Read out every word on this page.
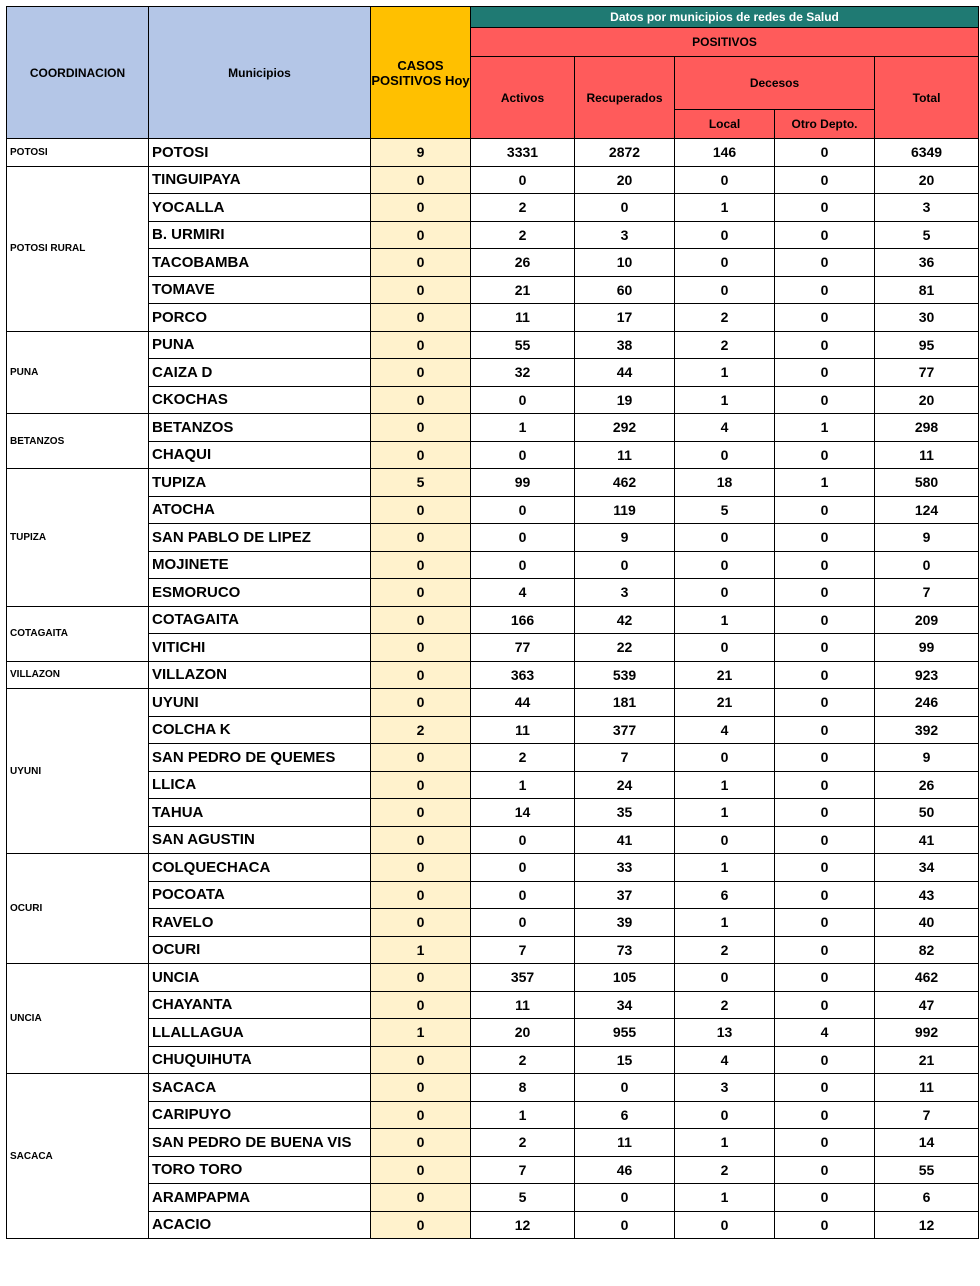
COORDINACION	Municipios	CASOS POSITIVOS Hoy	Datos por municipios de redes de Salud				
			POSITIVOS				
			Activos	Recuperados	Decesos		Total
					Local	Otro Depto.	
POTOSI	POTOSI	9	3331	2872	146	0	6349
POTOSI RURAL	TINGUIPAYA	0	0	20	0	0	20
	YOCALLA	0	2	0	1	0	3
	B. URMIRI	0	2	3	0	0	5
	TACOBAMBA	0	26	10	0	0	36
	TOMAVE	0	21	60	0	0	81
	PORCO	0	11	17	2	0	30
PUNA	PUNA	0	55	38	2	0	95
	CAIZA D	0	32	44	1	0	77
	CKOCHAS	0	0	19	1	0	20
BETANZOS	BETANZOS	0	1	292	4	1	298
	CHAQUI	0	0	11	0	0	11
TUPIZA	TUPIZA	5	99	462	18	1	580
	ATOCHA	0	0	119	5	0	124
	SAN PABLO DE LIPEZ	0	0	9	0	0	9
	MOJINETE	0	0	0	0	0	0
	ESMORUCO	0	4	3	0	0	7
COTAGAITA	COTAGAITA	0	166	42	1	0	209
	VITICHI	0	77	22	0	0	99
VILLAZON	VILLAZON	0	363	539	21	0	923
UYUNI	UYUNI	0	44	181	21	0	246
	COLCHA K	2	11	377	4	0	392
	SAN PEDRO DE QUEMES	0	2	7	0	0	9
	LLICA	0	1	24	1	0	26
	TAHUA	0	14	35	1	0	50
	SAN AGUSTIN	0	0	41	0	0	41
OCURI	COLQUECHACA	0	0	33	1	0	34
	POCOATA	0	0	37	6	0	43
	RAVELO	0	0	39	1	0	40
	OCURI	1	7	73	2	0	82
UNCIA	UNCIA	0	357	105	0	0	462
	CHAYANTA	0	11	34	2	0	47
	LLALLAGUA	1	20	955	13	4	992
	CHUQUIHUTA	0	2	15	4	0	21
SACACA	SACACA	0	8	0	3	0	11
	CARIPUYO	0	1	6	0	0	7
	SAN PEDRO DE BUENA VIS	0	2	11	1	0	14
	TORO TORO	0	7	46	2	0	55
	ARAMPAPMA	0	5	0	1	0	6
	ACACIO	0	12	0	0	0	12
